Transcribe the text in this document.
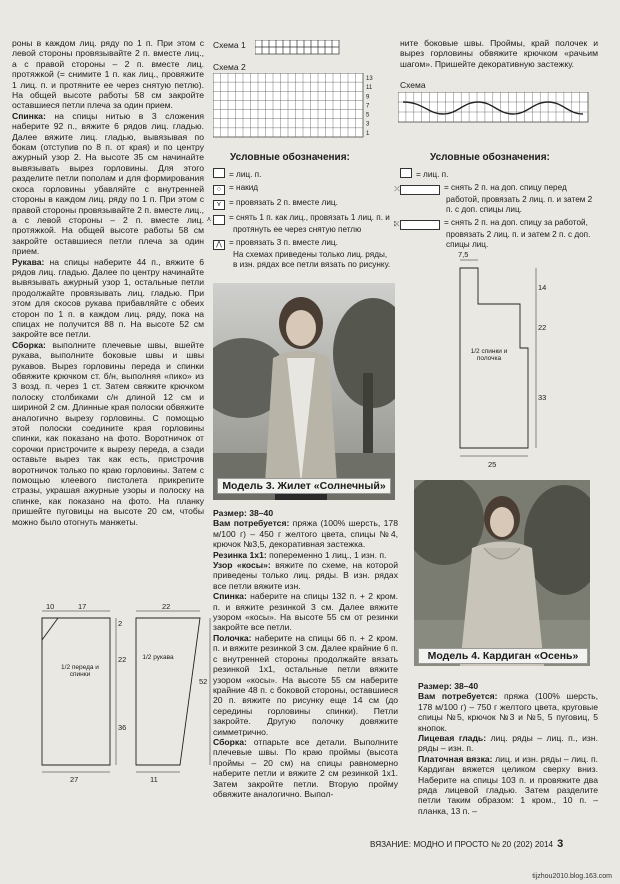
роны в каждом лиц. ряду по 1 п. При этом с левой стороны провязывайте 2 п. вместе лиц., а с правой стороны – 2 п. вместе лиц. протяжкой (= снимите 1 п. как лиц., провяжите 1 лиц. п. и протяните ее через снятую петлю). На общей высоте работы 58 см закройте оставшиеся петли плеча за один прием.

Спинка: на спицы нитью в 3 сложения наберите 92 п., вяжите 6 рядов лиц. гладью. Далее вяжите лиц. гладью, вывязывая по бокам (отступив по 8 п. от края) и по центру ажурный узор 2. На высоте 35 см начинайте вывязывать вырез горловины. Для этого разделите петли пополам и для формирования скоса горловины убавляйте с внутренней стороны в каждом лиц. ряду по 1 п. При этом с правой стороны провязывайте 2 п. вместе лиц., а с левой стороны – 2 п. вместе лиц. протяжкой. На общей высоте работы 58 см закройте оставшиеся петли плеча за один прием.

Рукава: на спицы наберите 44 п., вяжите 6 рядов лиц. гладью. Далее по центру начинайте вывязывать ажурный узор 1, остальные петли продолжайте провязывать лиц. гладью. При этом для скосов рукава прибавляйте с обеих сторон по 1 п. в каждом лиц. ряду, пока на спицах не получится 88 п. На высоте 52 см закройте все петли.

Сборка: выполните плечевые швы, вшейте рукава, выполните боковые швы и швы рукавов. Вырез горловины переда и спинки обвяжите крючком ст. б/н, выполняя «пико» из 3 возд. п. через 1 ст. Затем свяжите крючком полоску столбиками с/н длиной 12 см и шириной 2 см. Длинные края полоски обвяжите аналогично вырезу горловины. С помощью этой полоски соедините края горловины спинки, как показано на фото. Воротничок от сорочки пристрочите к вырезу переда, а сзади оставьте вырез так как есть, пристрочив воротничок только по краю горловины. Затем с помощью клеевого пистолета прикрепите стразы, украшая ажурные узоры и полоску на спинке, как показано на фото. На планку пришейте пуговицы на высоте 20 см, чтобы можно было отогнуть манжеты.

Схема 1
Схема 2
13
11
9
7
5
3
1
ните боковые швы. Проймы, край полочек и вырез горловины обвяжите крючком «рачьим шагом». Пришейте декоративную застежку.
Схема
Условные обозначения:
= лиц. п.
○ = накид
⋎ = провязать 2 п. вместе лиц.
⋏ = снять 1 п. как лиц., провязать 1 лиц. п. и протянуть ее через снятую петлю
⋀ = провязать 3 п. вместе лиц.
На схемах приведены только лиц. ряды, в изн. рядах все петли вязать по рисунку.
Условные обозначения:
= лиц. п.
⤫	= снять 2 п. на доп. спицу перед работой, провязать 2 лиц. п. и затем 2 п. с доп. спицы лиц.
⤪	= снять 2 п. на доп. спицу за работой, провязать 2 лиц. п. и затем 2 п. с доп. спицы лиц.
Модель 3. Жилет «Солнечный»
Модель 4. Кардиган «Осень»

Размер: 38–40

Вам потребуется: пряжа (100% шерсть, 178 м/100 г) – 450 г желтого цвета, спицы №4, крючок №3,5, декоративная застежка.

Резинка 1х1: попеременно 1 лиц., 1 изн. п.

Узор «косы»: вяжите по схеме, на которой приведены только лиц. ряды. В изн. рядах все петли вяжите изн.

Спинка: наберите на спицы 132 п. + 2 кром. п. и вяжите резинкой 3 см. Далее вяжите узором «косы». На высоте 55 см от резинки закройте все петли.

Полочка: наберите на спицы 66 п. + 2 кром. п. и вяжите резинкой 3 см. Далее крайние 6 п. с внутренней стороны продолжайте вязать резинкой 1х1, остальные петли вяжите узором «косы». На высоте 55 см наберите крайние 48 п. с боковой стороны, оставшиеся 20 п. вяжите по рисунку еще 14 см (до середины горловины спинки). Петли закройте. Другую полочку довяжите симметрично.

Сборка: отпарьте все детали. Выполните плечевые швы. По краю проймы (высота проймы – 20 см) на спицы равномерно наберите петли и вяжите 2 см резинкой 1х1. Затем закройте петли. Вторую пройму обвяжите аналогично. Выпол-

Размер: 38–40

Вам потребуется: пряжа (100% шерсть, 178 м/100 г) – 750 г желтого цвета, круговые спицы №5, крючок №3 и №5, 5 пуговиц, 5 кнопок.

Лицевая гладь: лиц. ряды – лиц. п., изн. ряды – изн. п.

Платочная вязка: лиц. и изн. ряды – лиц. п. Кардиган вяжется целиком сверху вниз. Наберите на спицы 103 п. и провяжите два ряда лицевой гладью. Затем разделите петли таким образом: 1 кром., 10 п. – планка, 13 п. –

10	17
2
22
36
27
1/2 переда и спинки
22
52
11
1/2 рукава
7,5
14
22
33
25
1/2 спинки и полочка
ВЯЗАНИЕ: МОДНО И ПРОСТО № 20 (202) 2014 3
tijzhou2010.blog.163.com
